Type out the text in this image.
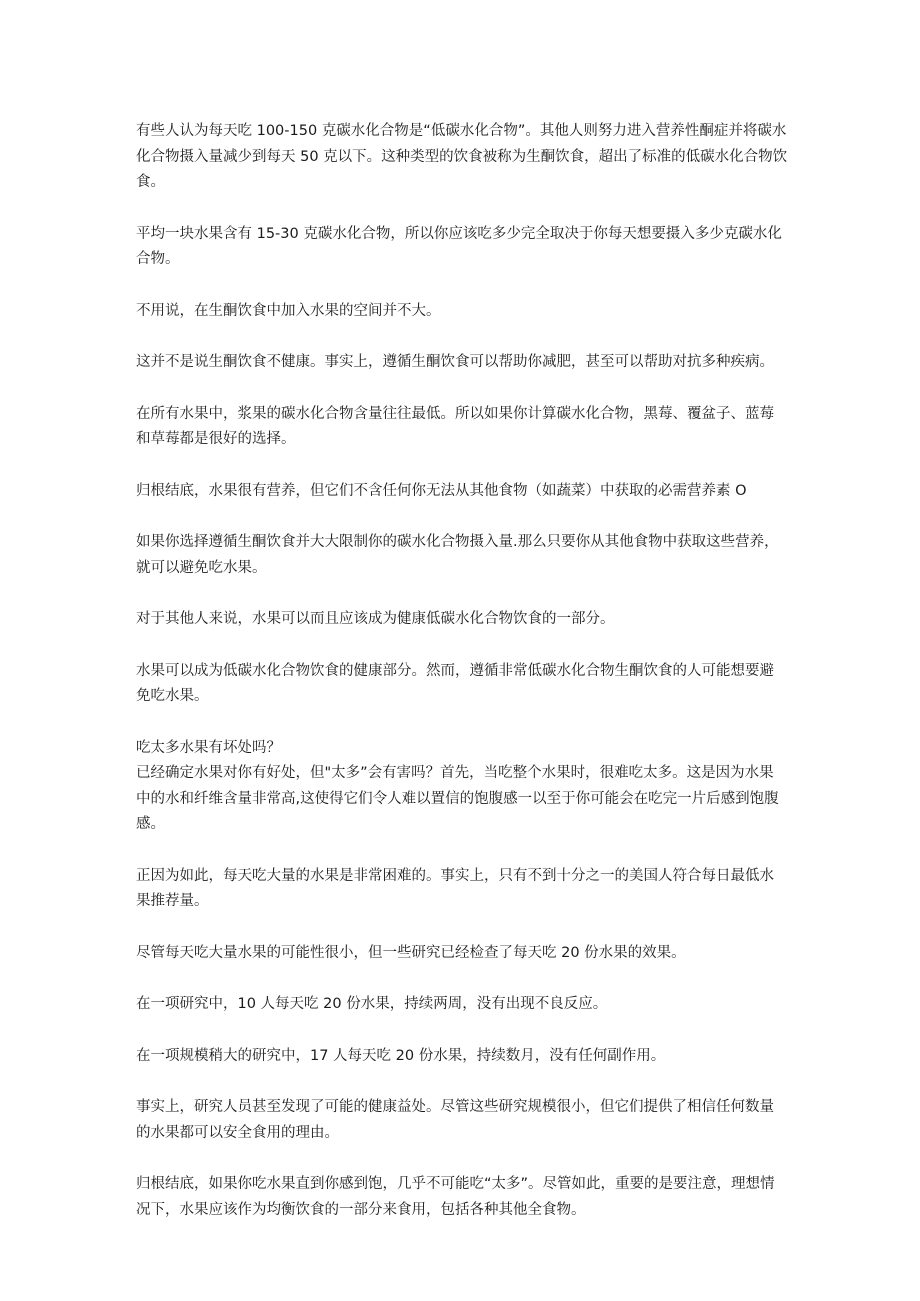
有些人认为每天吃 100-150 克碳水化合物是“低碳水化合物”。其他人则努力进入营养性酮症并将碳水化合物摄入量减少到每天 50 克以下。这种类型的饮食被称为生酮饮食，超出了标准的低碳水化合物饮食。

平均一块水果含有 15-30 克碳水化合物，所以你应该吃多少完全取决于你每天想要摄入多少克碳水化合物。

不用说，在生酮饮食中加入水果的空间并不大。

这并不是说生酮饮食不健康。事实上，遵循生酮饮食可以帮助你减肥，甚至可以帮助对抗多种疾病。

在所有水果中，浆果的碳水化合物含量往往最低。所以如果你计算碳水化合物，黑莓、覆盆子、蓝莓和草莓都是很好的选择。

归根结底，水果很有营养，但它们不含任何你无法从其他食物（如蔬菜）中获取的必需营养素 O

如果你选择遵循生酮饮食并大大限制你的碳水化合物摄入量.那么只要你从其他食物中获取这些营养，就可以避免吃水果。

对于其他人来说，水果可以而且应该成为健康低碳水化合物饮食的一部分。

水果可以成为低碳水化合物饮食的健康部分。然而，遵循非常低碳水化合物生酮饮食的人可能想要避免吃水果。

吃太多水果有坏处吗？

已经确定水果对你有好处，但"太多”会有害吗？首先，当吃整个水果时，很难吃太多。这是因为水果中的水和纤维含量非常高,这使得它们令人难以置信的饱腹感一以至于你可能会在吃完一片后感到饱腹感。

正因为如此，每天吃大量的水果是非常困难的。事实上，只有不到十分之一的美国人符合每日最低水果推荐量。

尽管每天吃大量水果的可能性很小，但一些研究已经检查了每天吃 20 份水果的效果。

在一项研究中，10 人每天吃 20 份水果，持续两周，没有出现不良反应。

在一项规模稍大的研究中，17 人每天吃 20 份水果，持续数月，没有任何副作用。

事实上，研究人员甚至发现了可能的健康益处。尽管这些研究规模很小，但它们提供了相信任何数量的水果都可以安全食用的理由。

归根结底，如果你吃水果直到你感到饱，几乎不可能吃“太多”。尽管如此，重要的是要注意，理想情况下，水果应该作为均衡饮食的一部分来食用，包括各种其他全食物。
